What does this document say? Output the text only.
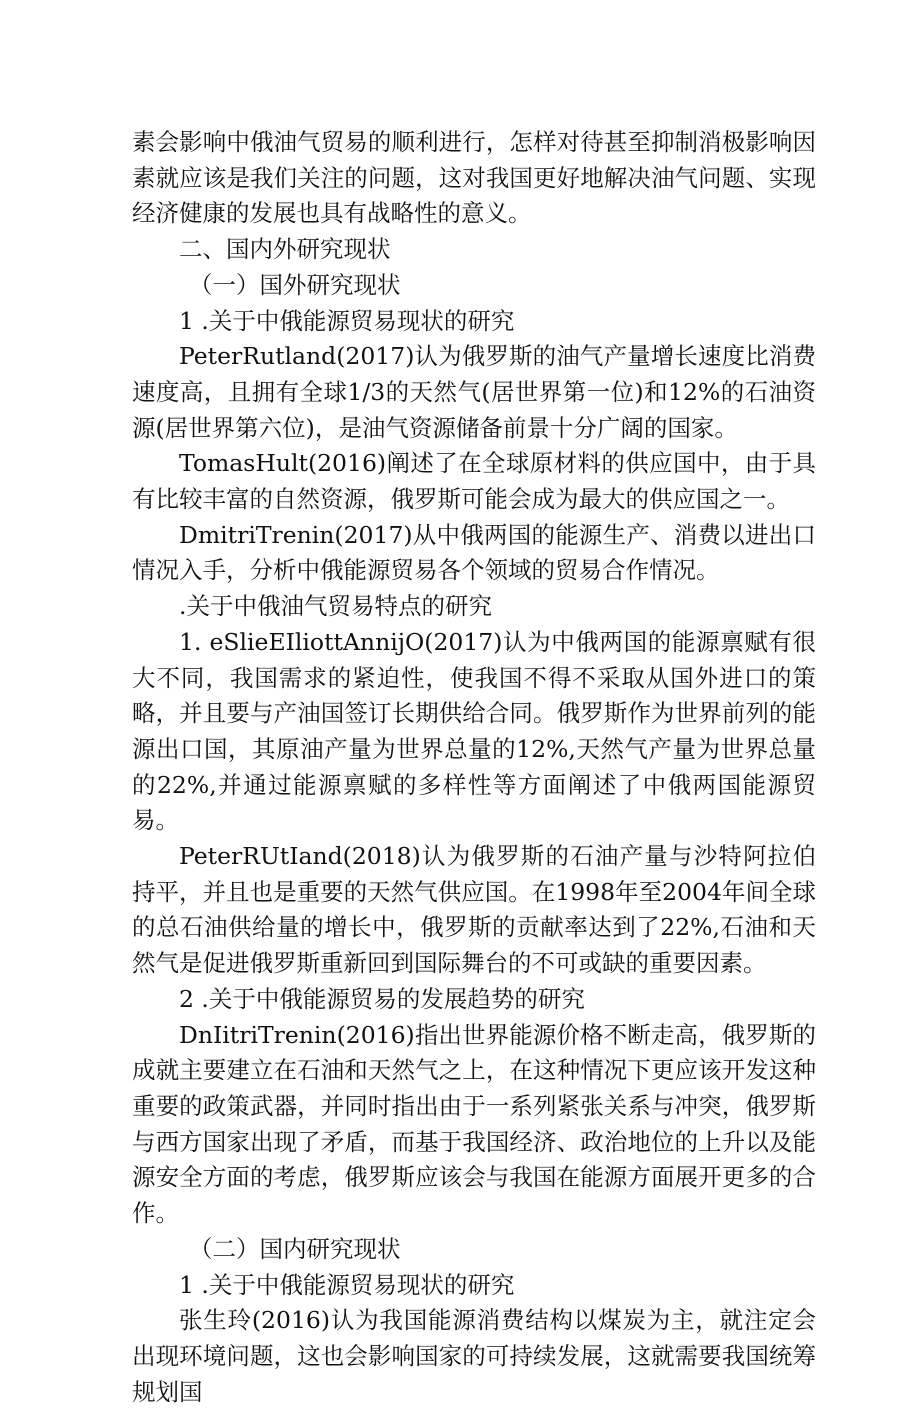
素会影响中俄油气贸易的顺利进行，怎样对待甚至抑制消极影响因素就应该是我们关注的问题，这对我国更好地解决油气问题、实现经济健康的发展也具有战略性的意义。

二、国内外研究现状

（一）国外研究现状

1 .关于中俄能源贸易现状的研究

PeterRutland(2017)认为俄罗斯的油气产量增长速度比消费速度高，且拥有全球1/3的天然气(居世界第一位)和12%的石油资源(居世界第六位)，是油气资源储备前景十分广阔的国家。

TomasHult(2016)阐述了在全球原材料的供应国中，由于具有比较丰富的自然资源，俄罗斯可能会成为最大的供应国之一。

DmitriTrenin(2017)从中俄两国的能源生产、消费以进出口情况入手，分析中俄能源贸易各个领域的贸易合作情况。

.关于中俄油气贸易特点的研究

1. eSlieEIliottAnnijO(2017)认为中俄两国的能源禀赋有很大不同，我国需求的紧迫性，使我国不得不采取从国外进口的策略，并且要与产油国签订长期供给合同。俄罗斯作为世界前列的能源出口国，其原油产量为世界总量的12%,天然气产量为世界总量的22%,并通过能源禀赋的多样性等方面阐述了中俄两国能源贸易。

PeterRUtIand(2018)认为俄罗斯的石油产量与沙特阿拉伯持平，并且也是重要的天然气供应国。在1998年至2004年间全球的总石油供给量的增长中，俄罗斯的贡献率达到了22%,石油和天然气是促进俄罗斯重新回到国际舞台的不可或缺的重要因素。

2 .关于中俄能源贸易的发展趋势的研究

DnIitriTrenin(2016)指出世界能源价格不断走高，俄罗斯的成就主要建立在石油和天然气之上，在这种情况下更应该开发这种重要的政策武器，并同时指出由于一系列紧张关系与冲突，俄罗斯与西方国家出现了矛盾，而基于我国经济、政治地位的上升以及能源安全方面的考虑，俄罗斯应该会与我国在能源方面展开更多的合作。

（二）国内研究现状

1 .关于中俄能源贸易现状的研究

张生玲(2016)认为我国能源消费结构以煤炭为主，就注定会出现环境问题，这也会影响国家的可持续发展，这就需要我国统筹规划国
